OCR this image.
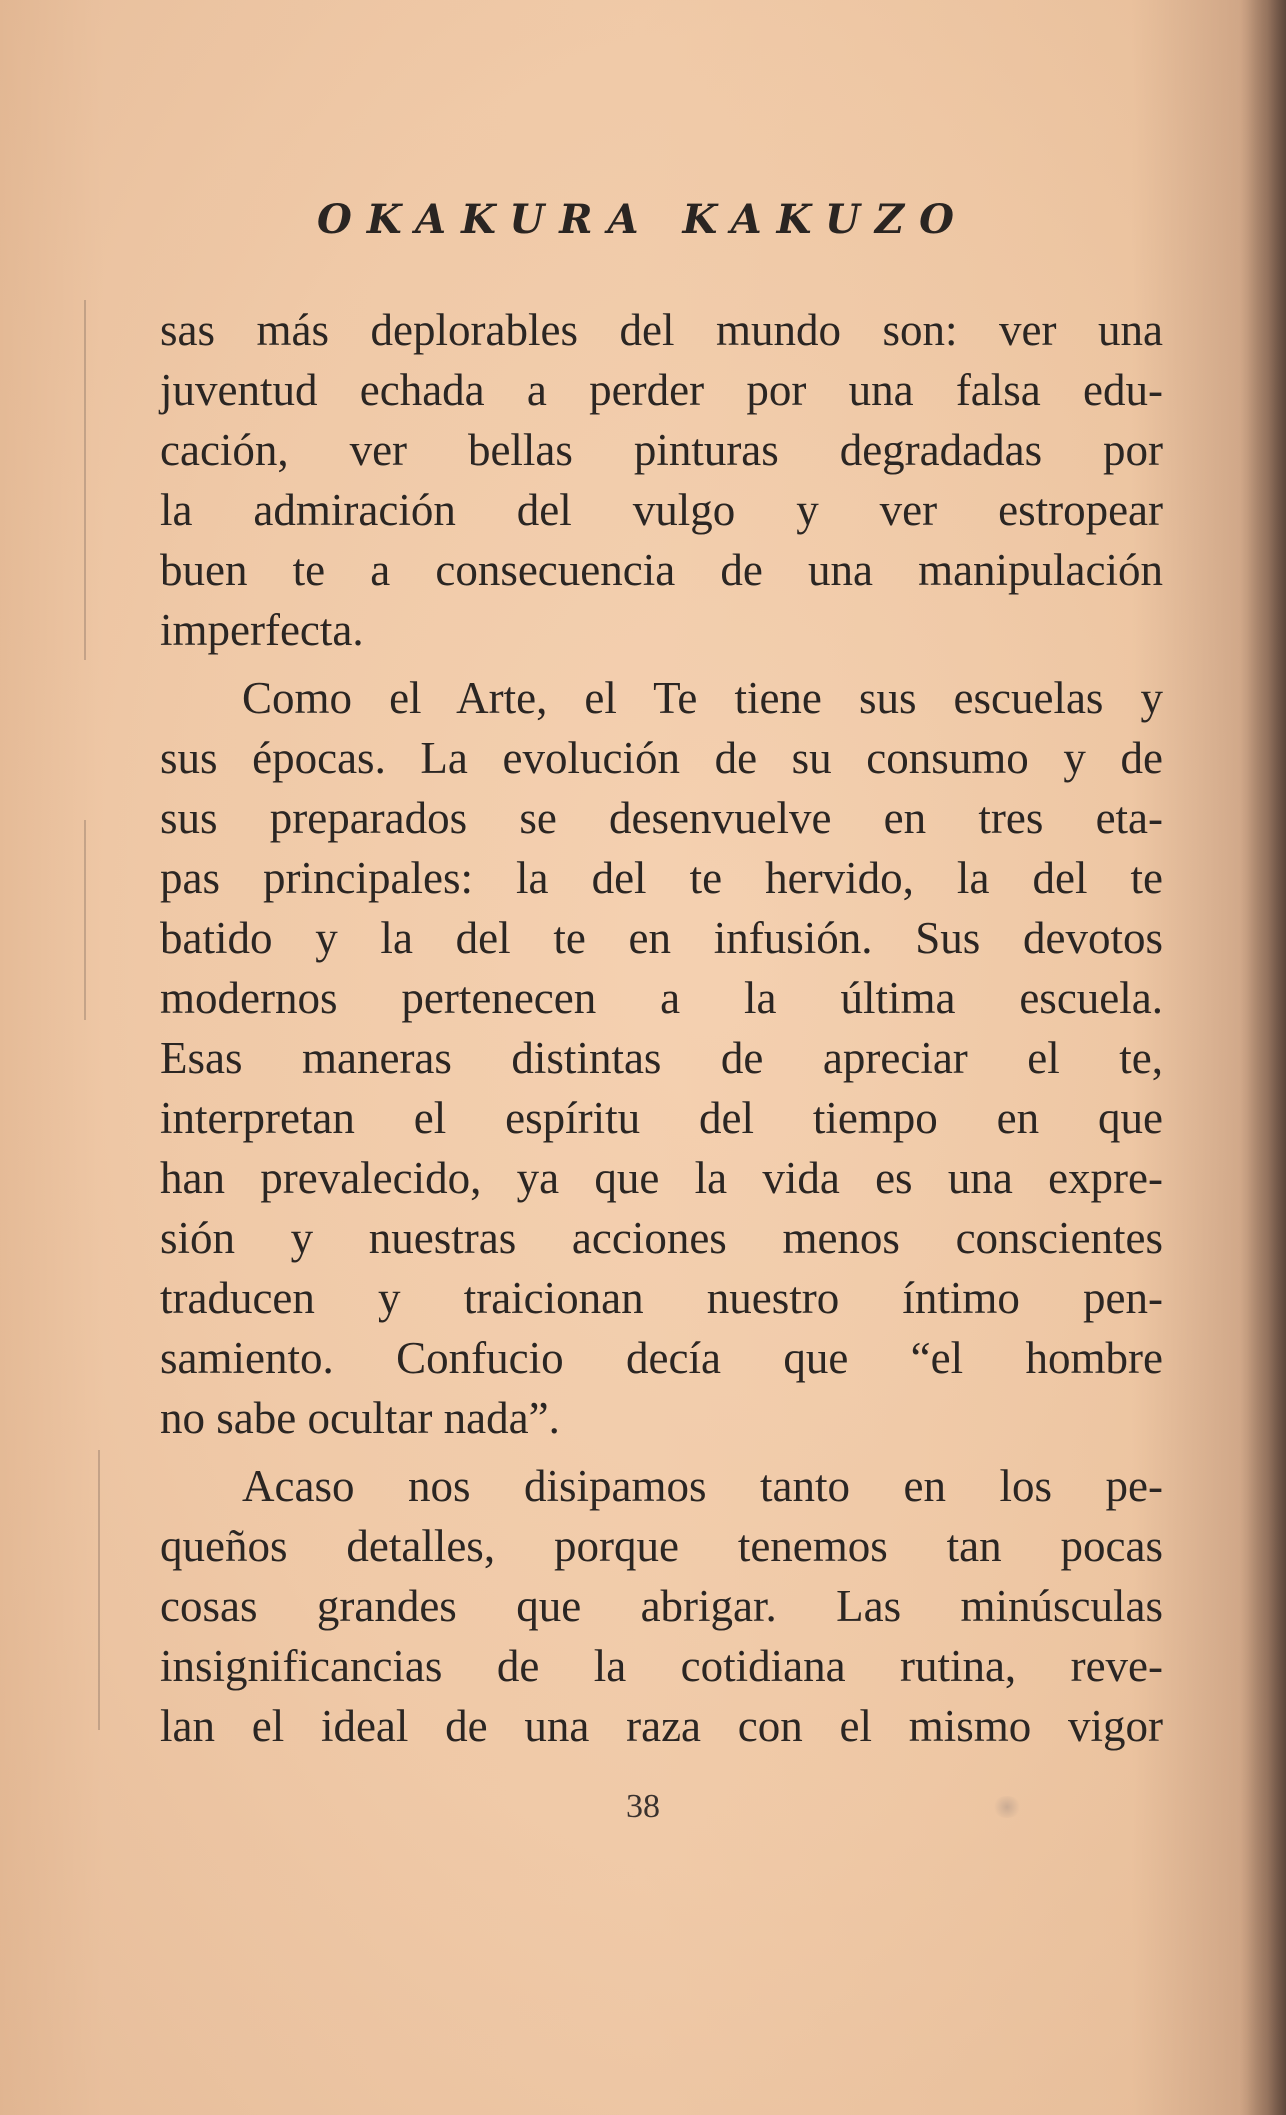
OKAKURA KAKUZO
sas más deplorables del mundo son: ver una
juventud echada a perder por una falsa edu-
cación, ver bellas pinturas degradadas por
la admiración del vulgo y ver estropear
buen te a consecuencia de una manipulación
imperfecta.
Como el Arte, el Te tiene sus escuelas y
sus épocas. La evolución de su consumo y de
sus preparados se desenvuelve en tres eta-
pas principales: la del te hervido, la del te
batido y la del te en infusión. Sus devotos
modernos pertenecen a la última escuela.
Esas maneras distintas de apreciar el te,
interpretan el espíritu del tiempo en que
han prevalecido, ya que la vida es una expre-
sión y nuestras acciones menos conscientes
traducen y traicionan nuestro íntimo pen-
samiento. Confucio decía que “el hombre
no sabe ocultar nada”.
Acaso nos disipamos tanto en los pe-
queños detalles, porque tenemos tan pocas
cosas grandes que abrigar. Las minúsculas
insignificancias de la cotidiana rutina, reve-
lan el ideal de una raza con el mismo vigor
38
